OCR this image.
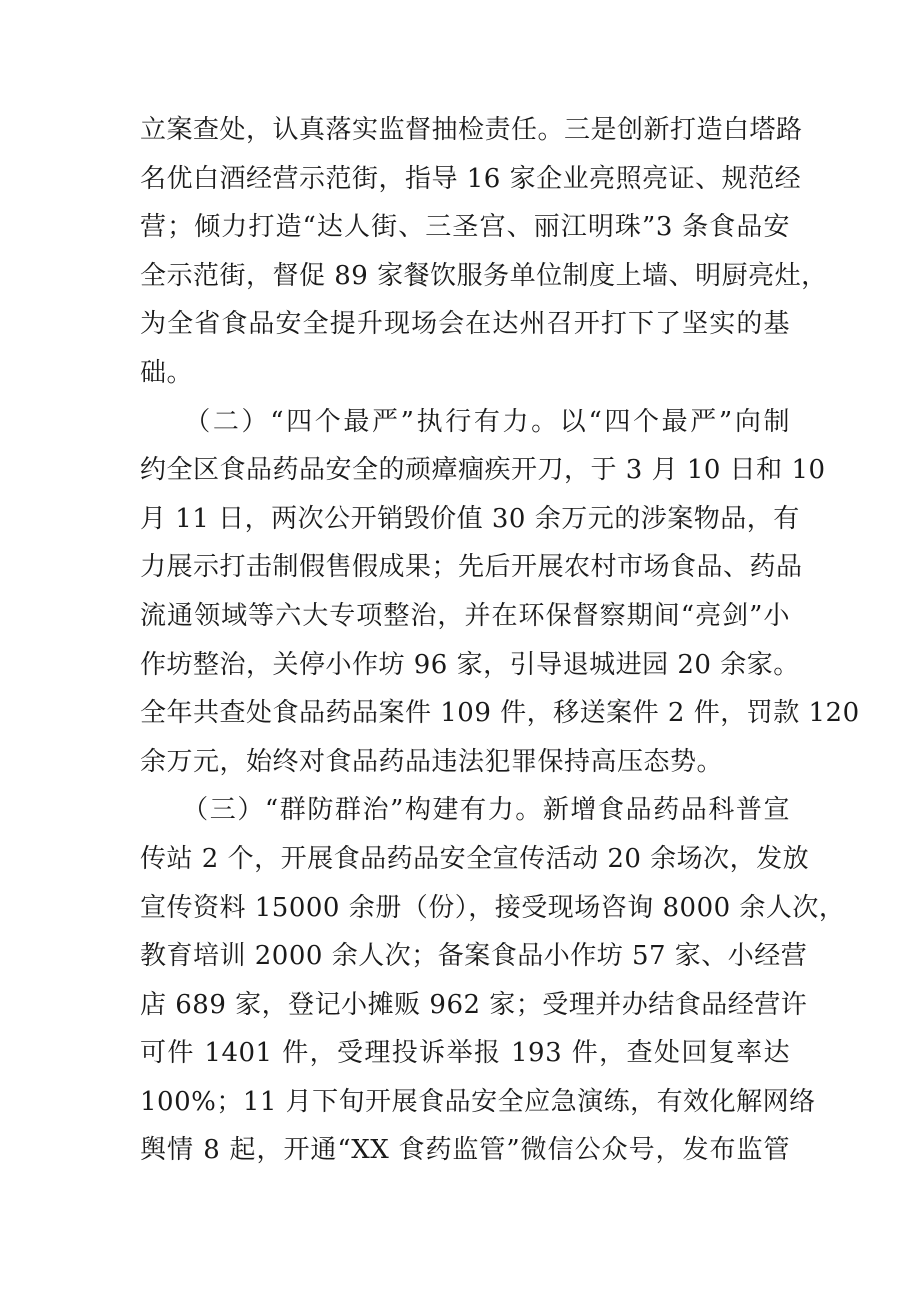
立案查处，认真落实监督抽检责任。三是创新打造白塔路
名优白酒经营示范街，指导 16 家企业亮照亮证、规范经
营；倾力打造“达人街、三圣宫、丽江明珠”3 条食品安
全示范街，督促 89 家餐饮服务单位制度上墙、明厨亮灶，
为全省食品安全提升现场会在达州召开打下了坚实的基
础。
　　（二）“四个最严”执行有力。以“四个最严”向制
约全区食品药品安全的顽瘴痼疾开刀，于 3 月 10 日和 10
月 11 日，两次公开销毁价值 30 余万元的涉案物品，有
力展示打击制假售假成果；先后开展农村市场食品、药品
流通领域等六大专项整治，并在环保督察期间“亮剑”小
作坊整治，关停小作坊 96 家，引导退城进园 20 余家。
全年共查处食品药品案件 109 件，移送案件 2 件，罚款 120
余万元，始终对食品药品违法犯罪保持高压态势。
　　（三）“群防群治”构建有力。新增食品药品科普宣
传站 2 个，开展食品药品安全宣传活动 20 余场次，发放
宣传资料 15000 余册（份），接受现场咨询 8000 余人次，
教育培训 2000 余人次；备案食品小作坊 57 家、小经营
店 689 家，登记小摊贩 962 家；受理并办结食品经营许
可件 1401 件，受理投诉举报 193 件，查处回复率达
100%；11 月下旬开展食品安全应急演练，有效化解网络
舆情 8 起，开通“XX 食药监管”微信公众号，发布监管
